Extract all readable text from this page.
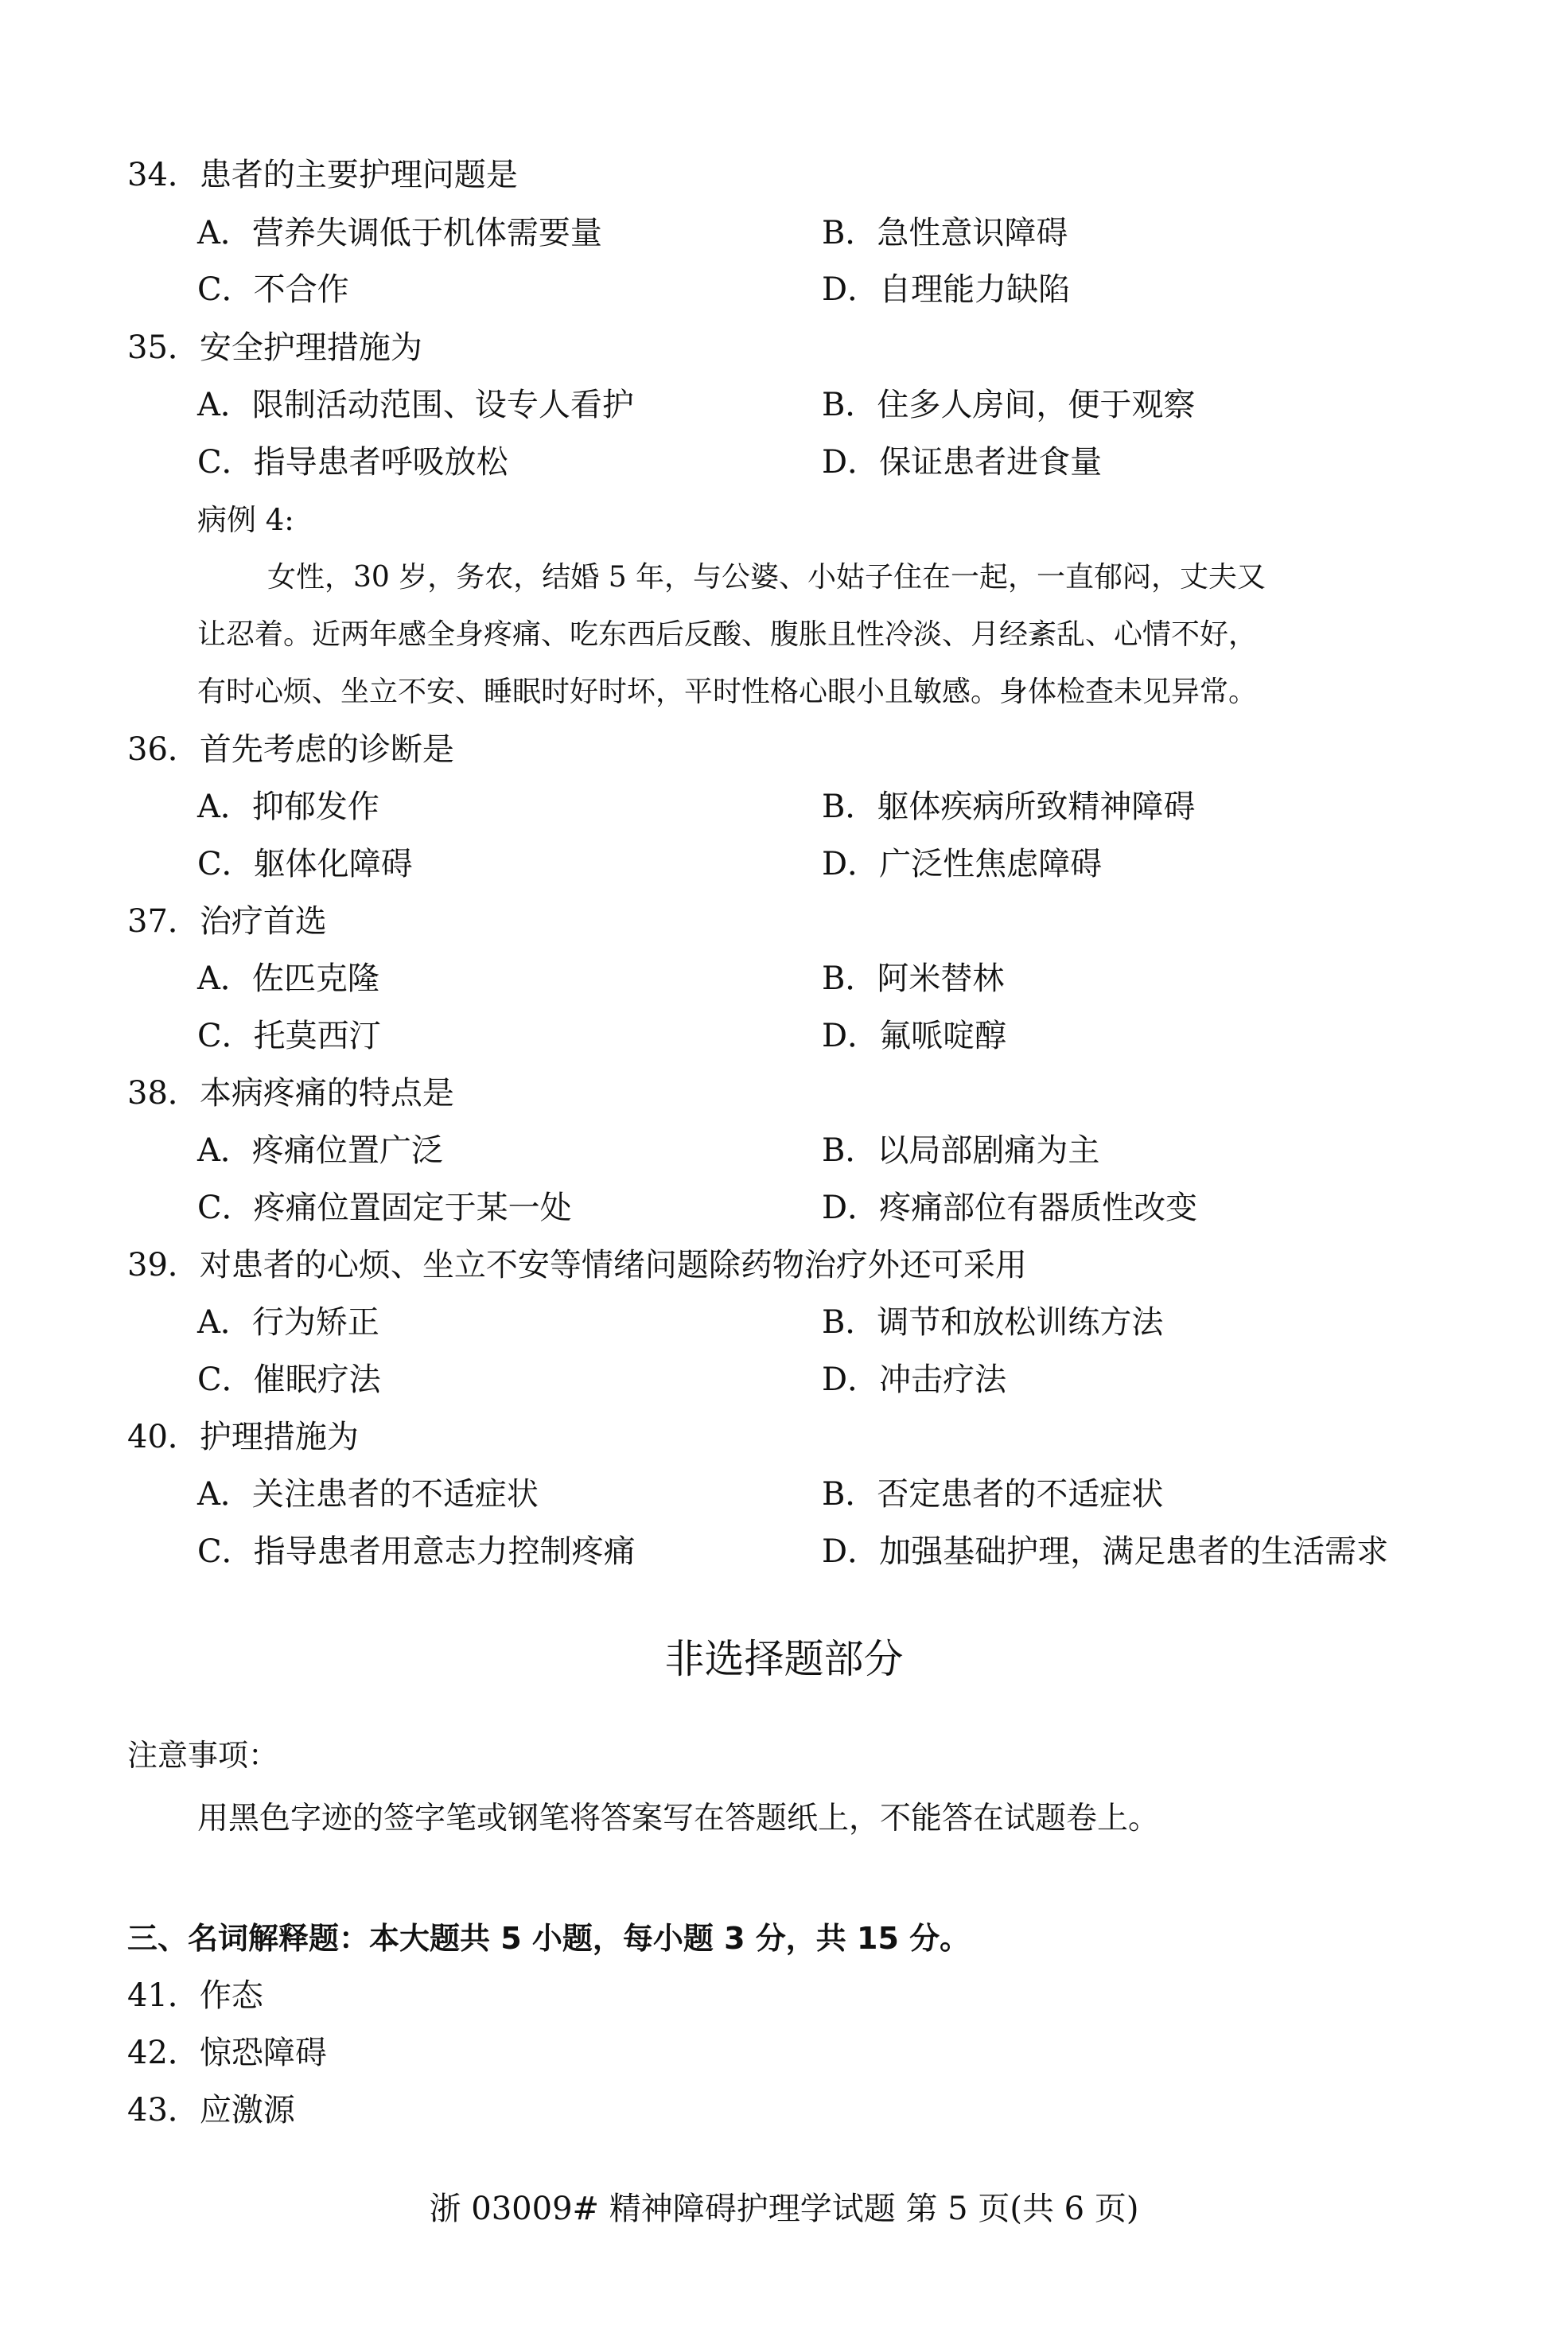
34．患者的主要护理问题是
A．营养失调低于机体需要量	B．急性意识障碍
C．不合作	D．自理能力缺陷
35．安全护理措施为
A．限制活动范围、设专人看护	B．住多人房间，便于观察
C．指导患者呼吸放松	D．保证患者进食量
病例 4:
女性，30 岁，务农，结婚 5 年，与公婆、小姑子住在一起，一直郁闷，丈夫又
让忍着。近两年感全身疼痛、吃东西后反酸、腹胀且性冷淡、月经紊乱、心情不好，
有时心烦、坐立不安、睡眠时好时坏，平时性格心眼小且敏感。身体检查未见异常。
36．首先考虑的诊断是
A．抑郁发作	B．躯体疾病所致精神障碍
C．躯体化障碍	D．广泛性焦虑障碍
37．治疗首选
A．佐匹克隆	B．阿米替林
C．托莫西汀	D．氟哌啶醇
38．本病疼痛的特点是
A．疼痛位置广泛	B．以局部剧痛为主
C．疼痛位置固定于某一处	D．疼痛部位有器质性改变
39．对患者的心烦、坐立不安等情绪问题除药物治疗外还可采用
A．行为矫正	B．调节和放松训练方法
C．催眠疗法	D．冲击疗法
40．护理措施为
A．关注患者的不适症状	B．否定患者的不适症状
C．指导患者用意志力控制疼痛	D．加强基础护理，满足患者的生活需求
非选择题部分
注意事项：
用黑色字迹的签字笔或钢笔将答案写在答题纸上，不能答在试题卷上。
三、名词解释题：本大题共 5 小题，每小题 3 分，共 15 分。
41．作态
42．惊恐障碍
43．应激源
浙 03009# 精神障碍护理学试题 第 5 页(共 6 页)
